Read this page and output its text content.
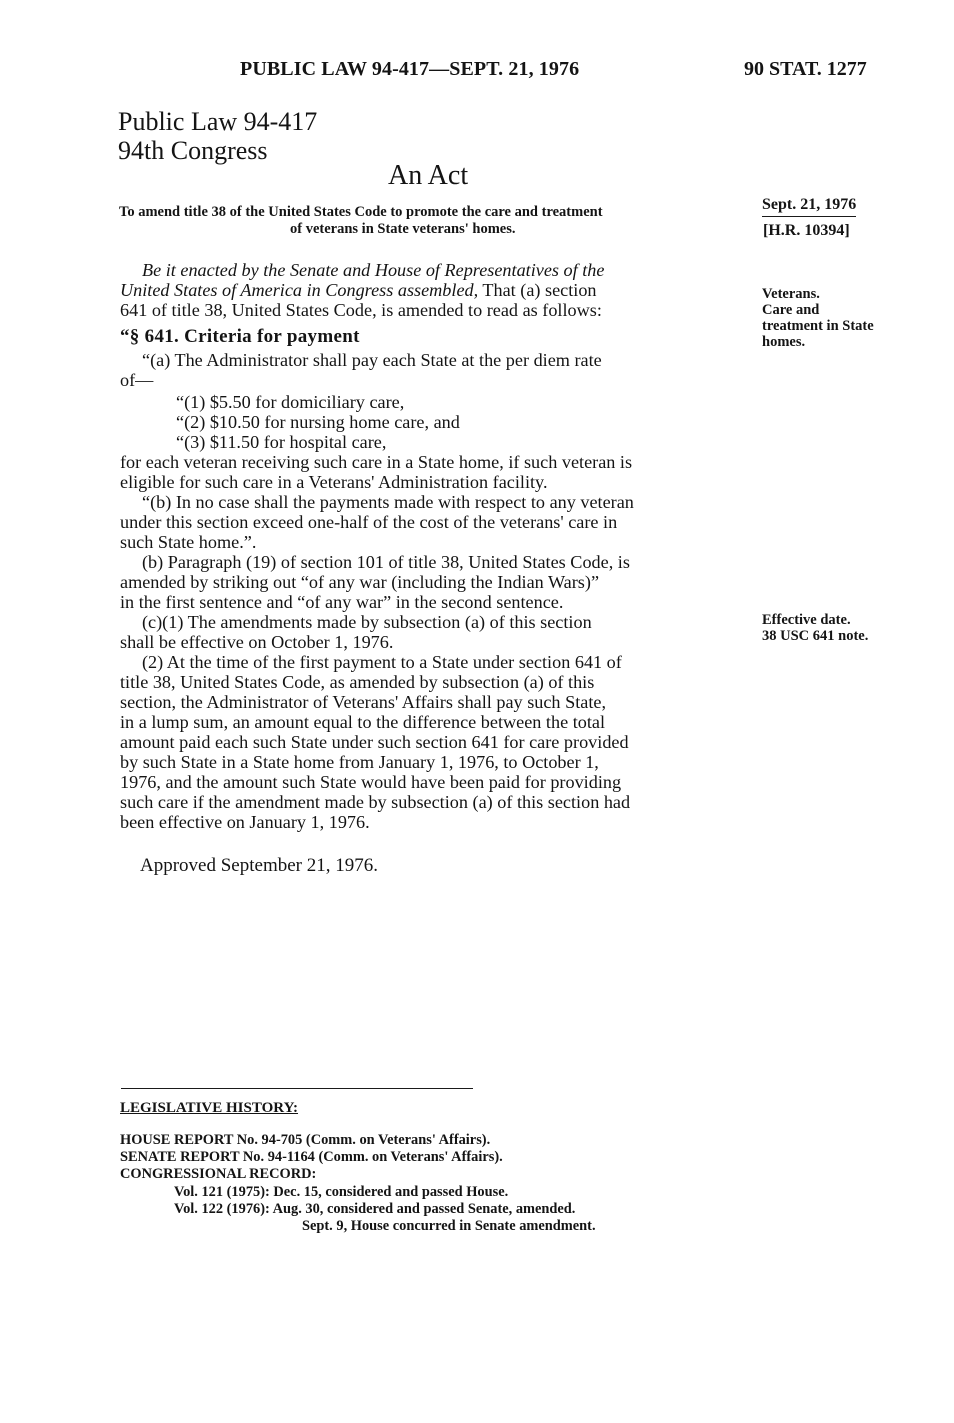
PUBLIC LAW 94-417—SEPT. 21, 1976	90 STAT. 1277
Public Law 94-417
94th Congress
An Act
To amend title 38 of the United States Code to promote the care and treatment
of veterans in State veterans' homes.
Sept. 21, 1976
[H.R. 10394]
Veterans.
Care and
treatment in State
homes.
Effective date.
38 USC 641 note.
Be it enacted by the Senate and House of Representatives of the
United States of America in Congress assembled, That (a) section
641 of title 38, United States Code, is amended to read as follows:
“§ 641. Criteria for payment
“(a) The Administrator shall pay each State at the per diem rate
of—
“(1) $5.50 for domiciliary care,
“(2) $10.50 for nursing home care, and
“(3) $11.50 for hospital care,
for each veteran receiving such care in a State home, if such veteran is
eligible for such care in a Veterans' Administration facility.
“(b) In no case shall the payments made with respect to any veteran
under this section exceed one-half of the cost of the veterans' care in
such State home.”.
(b) Paragraph (19) of section 101 of title 38, United States Code, is
amended by striking out “of any war (including the Indian Wars)”
in the first sentence and “of any war” in the second sentence.
(c)(1) The amendments made by subsection (a) of this section
shall be effective on October 1, 1976.
(2) At the time of the first payment to a State under section 641 of
title 38, United States Code, as amended by subsection (a) of this
section, the Administrator of Veterans' Affairs shall pay such State,
in a lump sum, an amount equal to the difference between the total
amount paid each such State under such section 641 for care provided
by such State in a State home from January 1, 1976, to October 1,
1976, and the amount such State would have been paid for providing
such care if the amendment made by subsection (a) of this section had
been effective on January 1, 1976.
Approved September 21, 1976.
LEGISLATIVE HISTORY:
HOUSE REPORT No. 94-705 (Comm. on Veterans' Affairs).
SENATE REPORT No. 94-1164 (Comm. on Veterans' Affairs).
CONGRESSIONAL RECORD:
Vol. 121 (1975): Dec. 15, considered and passed House.
Vol. 122 (1976): Aug. 30, considered and passed Senate, amended.
Sept. 9, House concurred in Senate amendment.
